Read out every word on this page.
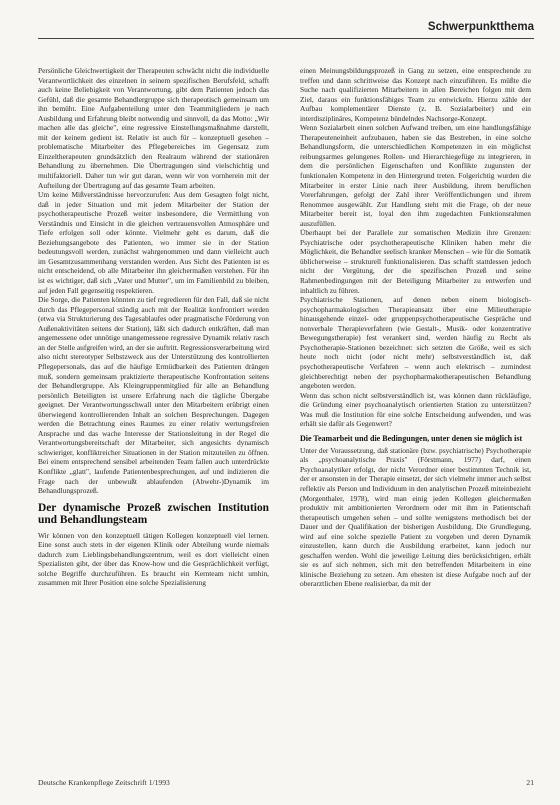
Schwerpunktthema

Persönliche Gleichwertigkeit der Therapeuten schwächt nicht die individuelle Verantwortlichkeit des einzelnen in seinem spezifischen Berufsfeld, schafft auch keine Beliebigkeit von Verantwortung, gibt dem Patienten jedoch das Gefühl, daß die gesamte Behandlergruppe sich therapeutisch gemeinsam um ihn bemüht. Eine Aufgabenteilung unter den Teammitgliedern je nach Ausbildung und Erfahrung bleibt notwendig und sinnvoll, da das Motto: „Wir machen alle das gleiche", eine regressive Einstellungsmaßnahme darstellt, mit der keinem gedient ist. Relativ ist auch für – konzeptuell gesehen – problematische Mitarbeiter des Pflegebereiches im Gegensatz zum Einzeltherapeuten grundsätzlich den Realraum während der stationären Behandlung zu übernehmen. Die Übertragungen sind vielschichtig und multifaktoriell. Daher tun wir gut daran, wenn wir von vornherein mit der Aufteilung der Übertragung auf das gesamte Team arbeiten.

Um keine Mißverständnisse hervorzurufen: Aus dem Gesagten folgt nicht, daß in jeder Situation und mit jedem Mitarbeiter der Station der psychotherapeutische Prozeß weiter insbesondere, die Vermittlung von Verständnis und Einsicht in die gleichen vertrauensvollen Atmosphäre und Tiefe erfolgen soll oder könnte. Vielmehr geht es darum, daß die Beziehungsangebote des Patienten, wo immer sie in der Station bedeutungsvoll werden, zunächst wahrgenommen und dann vielleicht auch im Gesamtzusammenhang verstanden werden. Aus Sicht des Patienten ist es nicht entscheidend, ob alle Mitarbeiter ihn gleichermaßen verstehen. Für ihn ist es wichtiger, daß sich „Vater und Mutter", um im Familienbild zu bleiben, auf jeden Fall gegenseitig respektieren.

Die Sorge, die Patienten könnten zu tief regredieren für den Fall, daß sie nicht durch das Pflegepersonal ständig auch mit der Realität konfrontiert werden (etwa via Strukturierung des Tagesablaufes oder pragmatische Förderung von Außenaktivitäten seitens der Station), läßt sich dadurch entkräften, daß man angemessene oder unnötige unangemessene regressive Dynamik relativ rasch an der Stelle aufgreifen wird, an der sie auftritt. Regressionsverarbeitung wird also nicht stereotyper Selbstzweck aus der Unterstützung des kontrollierten Pflegepersonals, das auf die häufige Ermüdbarkeit des Patienten drängen muß, sondern gemeinsam praktizierte therapeutische Konfrontation seitens der Behandlergruppe. Als Kleingruppenmitglied für alle an Behandlung persönlich Beteiligten ist unsere Erfahrung nach die tägliche Übergabe geeignet. Der Verantwortungsschwall unter den Mitarbeitern erübrigt einen überwiegend kontrollierenden Inhalt an solchen Besprechungen. Dagegen werden die Betrachtung eines Raumes zu einer relativ wertungsfreien Ansprache und das wache Interesse der Stationsleitung in der Regel die Verantwortungsbereitschaft der Mitarbeiter, sich angesichts dynamisch schwieriger, konfliktreicher Situationen in der Station mitzuteilen zu öffnen. Bei einem entsprechend sensibel arbeitenden Team fallen auch unterdrückte Konflikte „glatt", laufende Patientenbesprechungen, auf und indizieren die Frage nach der unbewußt ablaufenden (Abwehr-)Dynamik im Behandlungsprozeß.

Der dynamische Prozeß zwischen Institution und Behandlungsteam

Wir können von den konzeptuell tätigen Kollegen konzeptuell viel lernen. Eine sonst auch stets in der eigenen Klinik oder Abteilung wurde niemals dadurch zum Lieblingsbehandlungszentrum, weil es dort vielleicht einen Spezialisten gibt, der über das Know-how und die Gesprächlichkeit verfügt, solche Begriffe durchzuführen. Es braucht ein Kernteam nicht umhin, zusammen mit Ihrer Position eine solche Spezialisierung

einen Meinungsbildungsprozeß in Gang zu setzen, eine entsprechende zu treffen und dann schrittweise das Konzept nach einzuführen. Es müßte die Suche nach qualifizierten Mitarbeitern in allen Bereichen folgen mit dem Ziel, daraus ein funktionsfähiges Team zu entwickeln. Hierzu zähle der Aufbau komplementärer Dienste (z. B. Sozialarbeiter) und ein interdisziplinäres, Kompetenz bündelndes Nachsorge-Konzept.

Wenn Sozialarbeit einen solchen Aufwand treiben, um eine handlungsfähige Therapeuteneinheit aufzubauen, haben sie das Bestreben, in eine solche Behandlungsform, die unterschiedlichen Kompetenzen in ein möglichst reibungsarmes gelungenes Rollen- und Hierarchiegefüge zu integrieren, in dem die persönlichen Eigenschaften und Konflikte zugunsten der funktionalen Kompetenz in den Hintergrund treten. Folgerichtig wurden die Mitarbeiter in erster Linie nach ihrer Ausbildung, ihrem beruflichen Vorerfahrungen, gefolgt der Zahl ihrer Veröffentlichungen und ihrem Renommee ausgewählt. Zur Handlung steht mit die Frage, ob der neue Mitarbeiter bereit ist, loyal den ihm zugedachten Funktionsrahmen auszufüllen.

Überhaupt bei der Parallele zur somatischen Medizin ihre Grenzen: Psychiatrische oder psychotherapeutische Kliniken haben mehr die Möglichkeit, die Behandler seelisch kranker Menschen – wie für die Somatik üblicherweise – strukturell funktionalisieren. Das schafft stattdessen jedoch nicht der Vergütung, der die spezifischen Prozeß und seine Rahmenbedingungen mit der Beteiligung Mitarbeiter zu entwerfen und inhaltlich zu führen.

Psychiatrische Stationen, auf denen neben einem biologisch-psychopharmakologischen Therapieansatz über eine Milieutherapie hinausgehende einzel- oder gruppenpsychotherapeutische Gespräche und nonverbale Therapieverfahren (wie Gestalt-, Musik- oder konzentrative Bewegungstherapie) fest verankert sind, werden häufig zu Recht als Psychotherapie-Stationen bezeichnet: sich setzten die Größe, weil es sich heute noch nicht (oder nicht mehr) selbstverständlich ist, daß psychotherapeutische Verfahren – wenn auch elektrisch – zumindest gleichberechtigt neben der psychopharmakotherapeutischen Behandlung angeboten werden.

Wenn das schon nicht selbstverständlich ist, was können dann rückläufige, die Gründung einer psychoanalytisch orientierten Station zu unterstützen? Was muß die Institution für eine solche Entscheidung aufwenden, und was erhält sie dafür als Gegenwert?

Die Teamarbeit und die Bedingungen, unter denen sie möglich ist

Unter der Voraussetzung, daß stationäre (bzw. psychiatrische) Psychotherapie als „psychoanalytische Praxis" (Förstmann, 1977) darf, einen Psychoanalytiker erfolgt, der nicht Verordner einer bestimmten Technik ist, der er ansonsten in der Therapie einsetzt, der sich vielmehr immer auch selbst reflektiv als Person und Individuum in den analytischen Prozeß miteinbezieht (Morgenthaler, 1978), wird man einig jeden Kollegen gleichermaßen produktiv mit ambitionierten Verordnern oder mit ihm in Patientschaft therapeutisch umgehen sehen – und sollte wenigstens methodisch bei der Dauer und der Qualifikation der bisherigen Ausbildung. Die Grundlegung, wird auf eine solche spezielle Patient zu vorgeben und deren Dynamik einzustellen, kann durch die Ausbildung erarbeitet, kann jedoch nur geschaffen werden. Wohl die jeweilige Leitung dies berücksichtigen, erhält sie es auf sich nehmen, sich mit den betreffenden Mitarbeitern in eine klinische Beziehung zu setzen. Am ehesten ist diese Aufgabe noch auf der oberarztlichen Ebene realisierbar, da mit der

Deutsche Krankenpflege Zeitschrift 1/1993	21
